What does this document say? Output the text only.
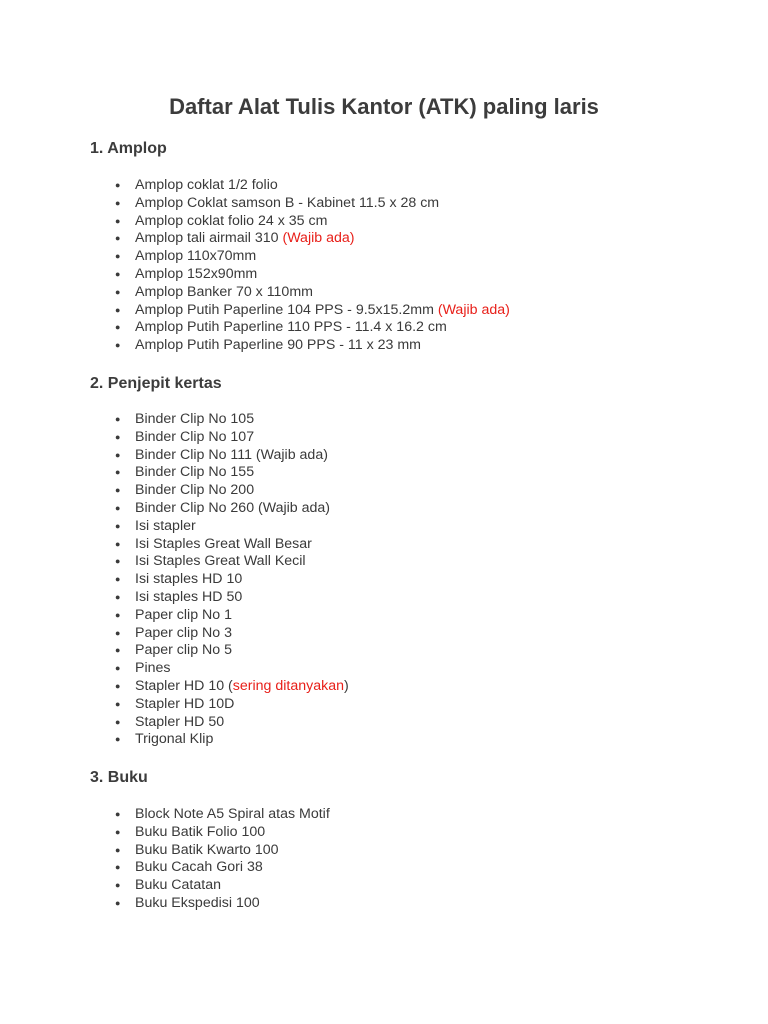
Daftar Alat Tulis Kantor (ATK) paling laris
1. Amplop
● Amplop coklat 1/2 folio
● Amplop Coklat samson B - Kabinet 11.5 x 28 cm
● Amplop coklat folio 24 x 35 cm
● Amplop tali airmail 310 (Wajib ada)
● Amplop 110x70mm
● Amplop 152x90mm
● Amplop Banker 70 x 110mm
● Amplop Putih Paperline 104 PPS - 9.5x15.2mm (Wajib ada)
● Amplop Putih Paperline 110 PPS - 11.4 x 16.2 cm
● Amplop Putih Paperline 90 PPS - 11 x 23 mm
2. Penjepit kertas
● Binder Clip No 105
● Binder Clip No 107
● Binder Clip No 111 (Wajib ada)
● Binder Clip No 155
● Binder Clip No 200
● Binder Clip No 260 (Wajib ada)
● Isi stapler
● Isi Staples Great Wall Besar
● Isi Staples Great Wall Kecil
● Isi staples HD 10
● Isi staples HD 50
● Paper clip No 1
● Paper clip No 3
● Paper clip No 5
● Pines
● Stapler HD 10 (sering ditanyakan)
● Stapler HD 10D
● Stapler HD 50
● Trigonal Klip
3. Buku
● Block Note A5 Spiral atas Motif
● Buku Batik Folio 100
● Buku Batik Kwarto 100
● Buku Cacah Gori 38
● Buku Catatan
● Buku Ekspedisi 100
